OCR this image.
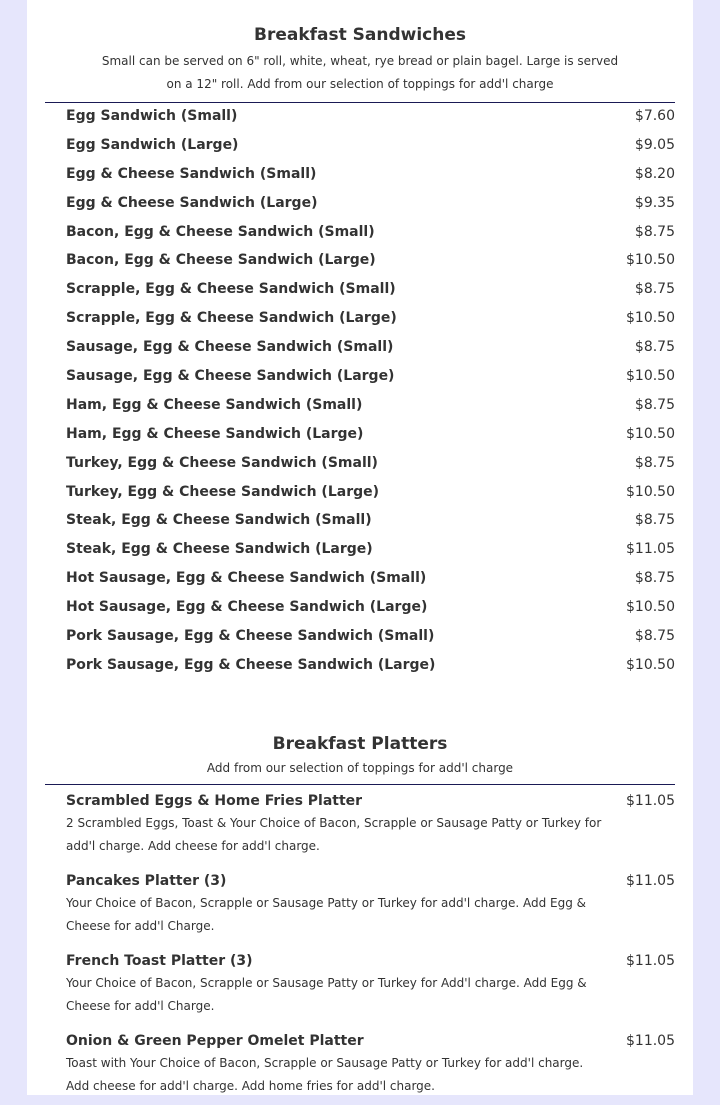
Breakfast Sandwiches

Small can be served on 6" roll, white, wheat, rye bread or plain bagel. Large is served on a 12" roll. Add from our selection of toppings for add'l charge

Egg Sandwich (Small)	$7.60
Egg Sandwich (Large)	$9.05
Egg & Cheese Sandwich (Small)	$8.20
Egg & Cheese Sandwich (Large)	$9.35
Bacon, Egg & Cheese Sandwich (Small)	$8.75
Bacon, Egg & Cheese Sandwich (Large)	$10.50
Scrapple, Egg & Cheese Sandwich (Small)	$8.75
Scrapple, Egg & Cheese Sandwich (Large)	$10.50
Sausage, Egg & Cheese Sandwich (Small)	$8.75
Sausage, Egg & Cheese Sandwich (Large)	$10.50
Ham, Egg & Cheese Sandwich (Small)	$8.75
Ham, Egg & Cheese Sandwich (Large)	$10.50
Turkey, Egg & Cheese Sandwich (Small)	$8.75
Turkey, Egg & Cheese Sandwich (Large)	$10.50
Steak, Egg & Cheese Sandwich (Small)	$8.75
Steak, Egg & Cheese Sandwich (Large)	$11.05
Hot Sausage, Egg & Cheese Sandwich (Small)	$8.75
Hot Sausage, Egg & Cheese Sandwich (Large)	$10.50
Pork Sausage, Egg & Cheese Sandwich (Small)	$8.75
Pork Sausage, Egg & Cheese Sandwich (Large)	$10.50
Breakfast Platters

Add from our selection of toppings for add'l charge

Scrambled Eggs & Home Fries Platter	$11.05
2 Scrambled Eggs, Toast & Your Choice of Bacon, Scrapple or Sausage Patty or Turkey for add'l charge. Add cheese for add'l charge.
Pancakes Platter (3)	$11.05
Your Choice of Bacon, Scrapple or Sausage Patty or Turkey for add'l charge. Add Egg & Cheese for add'l Charge.
French Toast Platter (3)	$11.05
Your Choice of Bacon, Scrapple or Sausage Patty or Turkey for Add'l charge. Add Egg & Cheese for add'l Charge.
Onion & Green Pepper Omelet Platter	$11.05
Toast with Your Choice of Bacon, Scrapple or Sausage Patty or Turkey for add'l charge. Add cheese for add'l charge. Add home fries for add'l charge.
